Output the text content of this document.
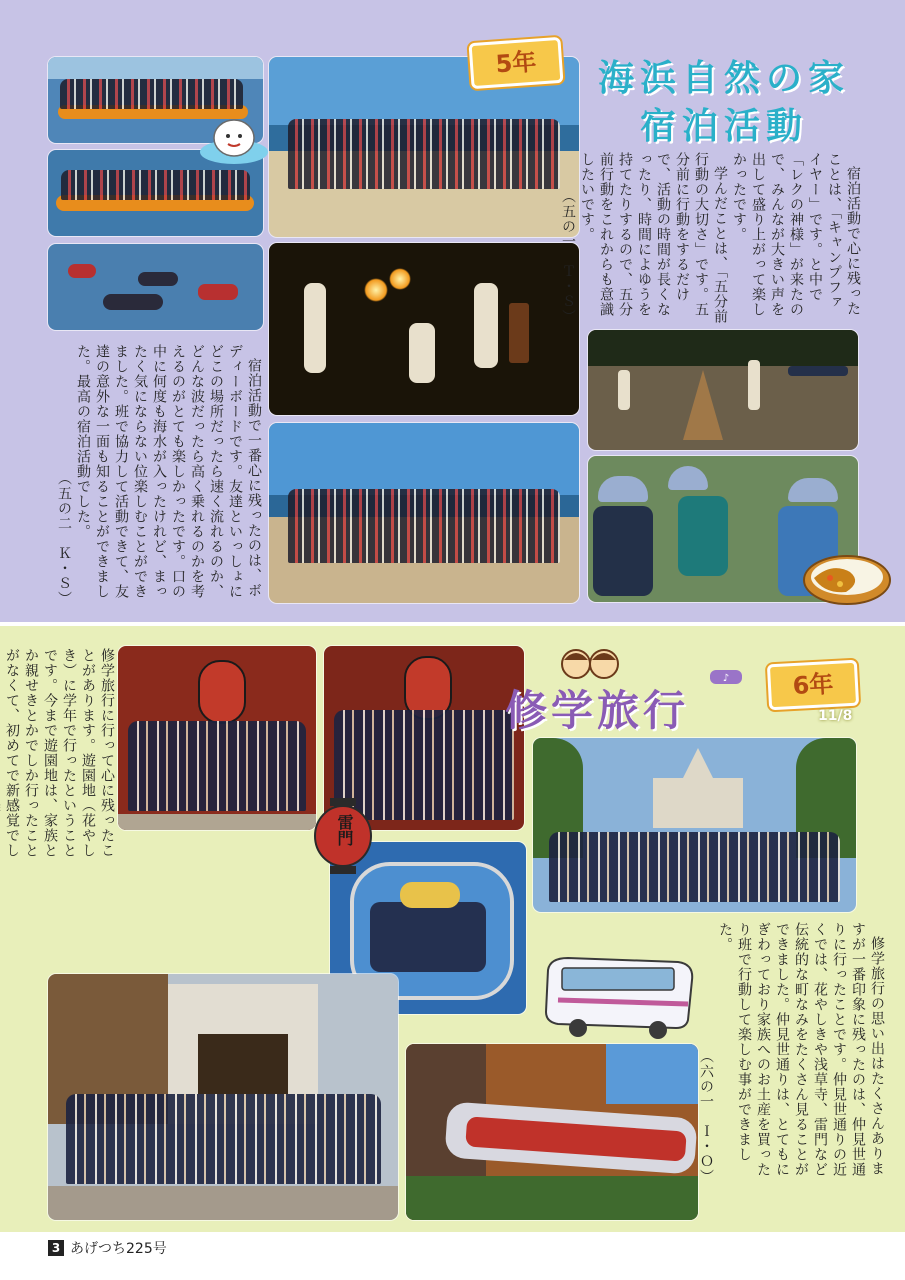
5年	海浜自然の家
宿泊活動

宿泊活動で心に残ったことは、「キャンプファイヤー」です。と中で「レクの神様」が来たので、みんなが大きい声を出して盛り上がって楽しかったです。

学んだことは、「五分前行動の大切さ」です。五分前に行動をするだけで、活動の時間が長くなったり、時間によゆうを持てたりするので、五分前行動をこれからも意識したいです。

（五の一　Ｔ・Ｓ）

宿泊活動で一番心に残ったのは、ボディーボードです。友達といっしょにどこの場所だったら速く流れるのか、どんな波だったら高く乗れるのかを考えるのがとても楽しかったです。口の中に何度も海水が入ったけれど、まったく気にならない位楽しむことができました。班で協力して活動できて、友達の意外な一面も知ることができました。最高の宿泊活動でした。

（五の二　Ｋ・Ｓ）

修学旅行に行って心に残ったことがあります。遊園地（花やしき）に学年で行ったということです。今まで遊園地は、家族とか親せきとかでしか行ったことがなくて、初めてで新感覚でし

修学旅行
♪	6年
11/8

修学旅行の思い出はたくさんありますが一番印象に残ったのは、仲見世通りに行ったことです。仲見世通りの近くでは、花やしきや浅草寺、雷門など伝統的な町なみをたくさん見ることができました。仲見世通りは、とてもにぎわっており家族へのお土産を買ったり班で行動して楽しむ事ができました。

（六の一　Ｉ・Ｏ）
雷門
3 あげつち225号
